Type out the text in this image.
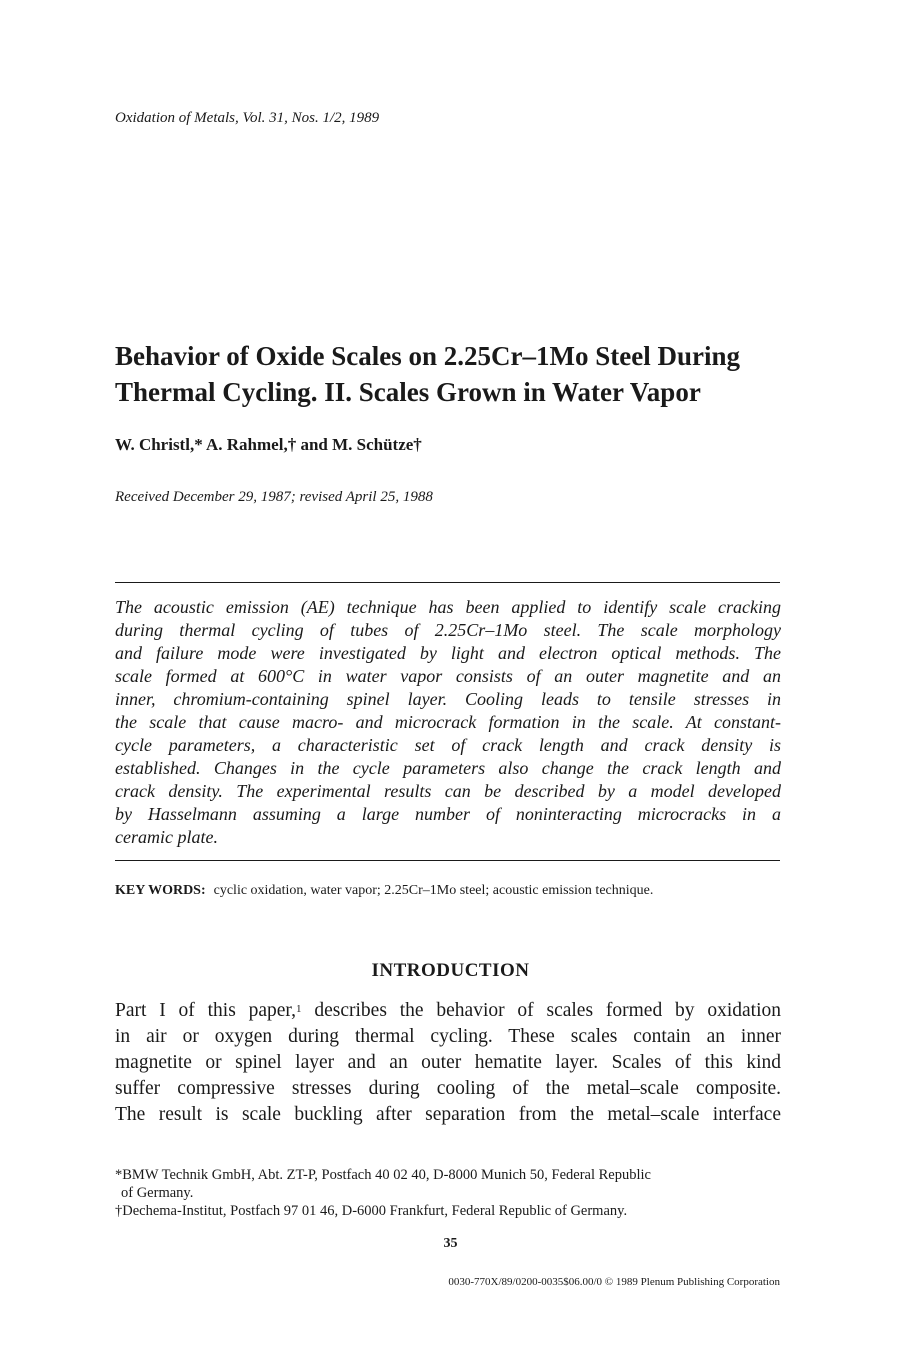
Oxidation of Metals, Vol. 31, Nos. 1/2, 1989
Behavior of Oxide Scales on 2.25Cr–1Mo Steel During
Thermal Cycling. II. Scales Grown in Water Vapor
W. Christl,* A. Rahmel,† and M. Schütze†
Received December 29, 1987; revised April 25, 1988
The acoustic emission (AE) technique has been applied to identify scale cracking
during thermal cycling of tubes of 2.25Cr–1Mo steel. The scale morphology
and failure mode were investigated by light and electron optical methods. The
scale formed at 600°C in water vapor consists of an outer magnetite and an
inner, chromium-containing spinel layer. Cooling leads to tensile stresses in
the scale that cause macro- and microcrack formation in the scale. At constant-
cycle parameters, a characteristic set of crack length and crack density is
established. Changes in the cycle parameters also change the crack length and
crack density. The experimental results can be described by a model developed
by Hasselmann assuming a large number of noninteracting microcracks in a
ceramic plate.
KEY WORDS: cyclic oxidation, water vapor; 2.25Cr–1Mo steel; acoustic emission technique.
INTRODUCTION
Part I of this paper,$^1$ describes the behavior of scales formed by oxidation
in air or oxygen during thermal cycling. These scales contain an inner
magnetite or spinel layer and an outer hematite layer. Scales of this kind
suffer compressive stresses during cooling of the metal–scale composite.
The result is scale buckling after separation from the metal–scale interface
*BMW Technik GmbH, Abt. ZT-P, Postfach 40 02 40, D-8000 Munich 50, Federal Republic
of Germany.
†Dechema-Institut, Postfach 97 01 46, D-6000 Frankfurt, Federal Republic of Germany.
35
0030-770X/89/0200-0035$06.00/0 © 1989 Plenum Publishing Corporation
